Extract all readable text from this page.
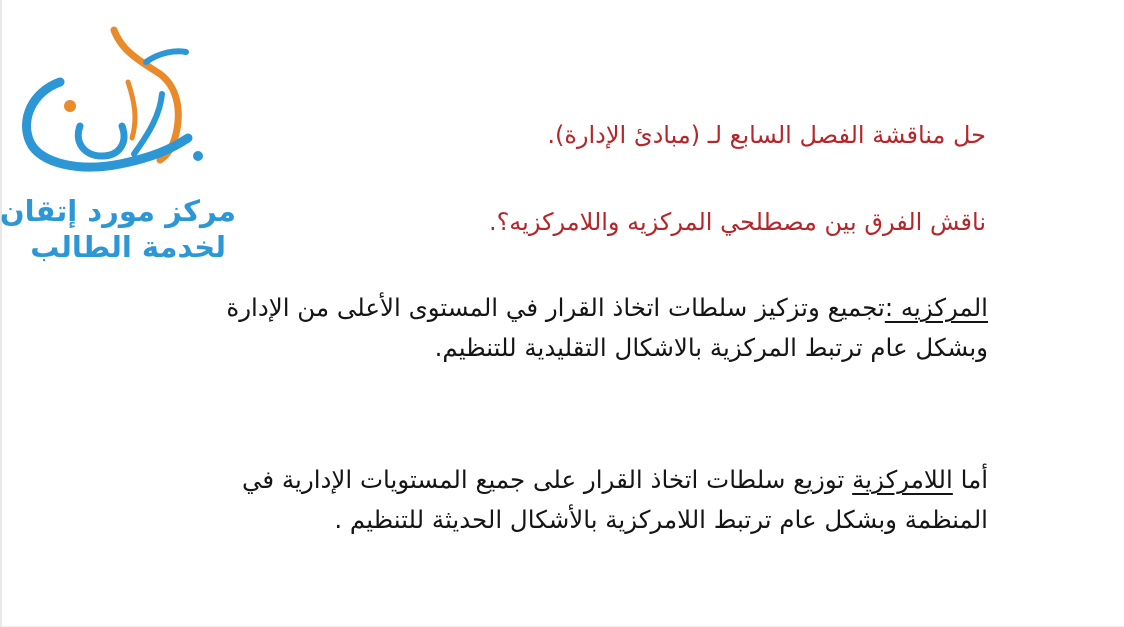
مركز مورد إتقان
لخدمة الطالب
حل مناقشة الفصل السابع لـ (مبادئ الإدارة).
ناقش الفرق بين مصطلحي المركزيه واللامركزيه؟.
المركزيه :تجميع وتزكيز سلطات اتخاذ القرار في المستوى الأعلى من الإدارة وبشكل عام ترتبط المركزية بالاشكال التقليدية للتنظيم.
أما اللامركزية توزيع سلطات اتخاذ القرار على جميع المستويات الإدارية في المنظمة وبشكل عام ترتبط اللامركزية بالأشكال الحديثة للتنظيم .
